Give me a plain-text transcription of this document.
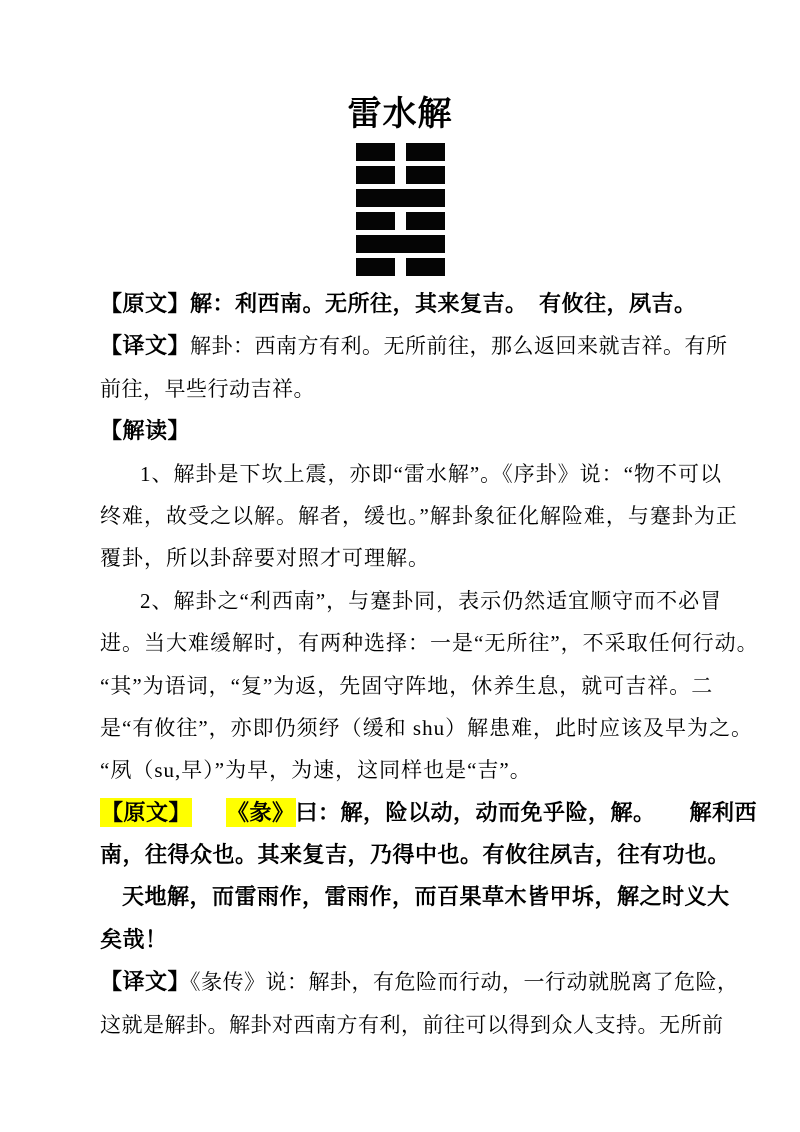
雷水解
【原文】解：利西南。无所往，其来复吉。　有攸往，夙吉。
【译文】解卦：西南方有利。无所前往，那么返回来就吉祥。有所
前往，早些行动吉祥。
【解读】
1、解卦是下坎上震，亦即“雷水解”。《序卦》说：“物不可以
终难，故受之以解。解者，缓也。”解卦象征化解险难，与蹇卦为正
覆卦，所以卦辞要对照才可理解。
2、解卦之“利西南”，与蹇卦同，表示仍然适宜顺守而不必冒
进。当大难缓解时，有两种选择：一是“无所往”，不采取任何行动。
“其”为语词，“复”为返，先固守阵地，休养生息，就可吉祥。二
是“有攸往”，亦即仍须纾（缓和 shu）解患难，此时应该及早为之。
“夙（su,早）”为早，为速，这同样也是“吉”。
【原文】 《彖》曰：解，险以动，动而免乎险，解。　　解利西
南，往得众也。其来复吉，乃得中也。有攸往夙吉，往有功也。
天地解，而雷雨作，雷雨作，而百果草木皆甲坼，解之时义大
矣哉！
【译文】《彖传》说：解卦，有危险而行动，一行动就脱离了危险，
这就是解卦。解卦对西南方有利，前往可以得到众人支持。无所前
